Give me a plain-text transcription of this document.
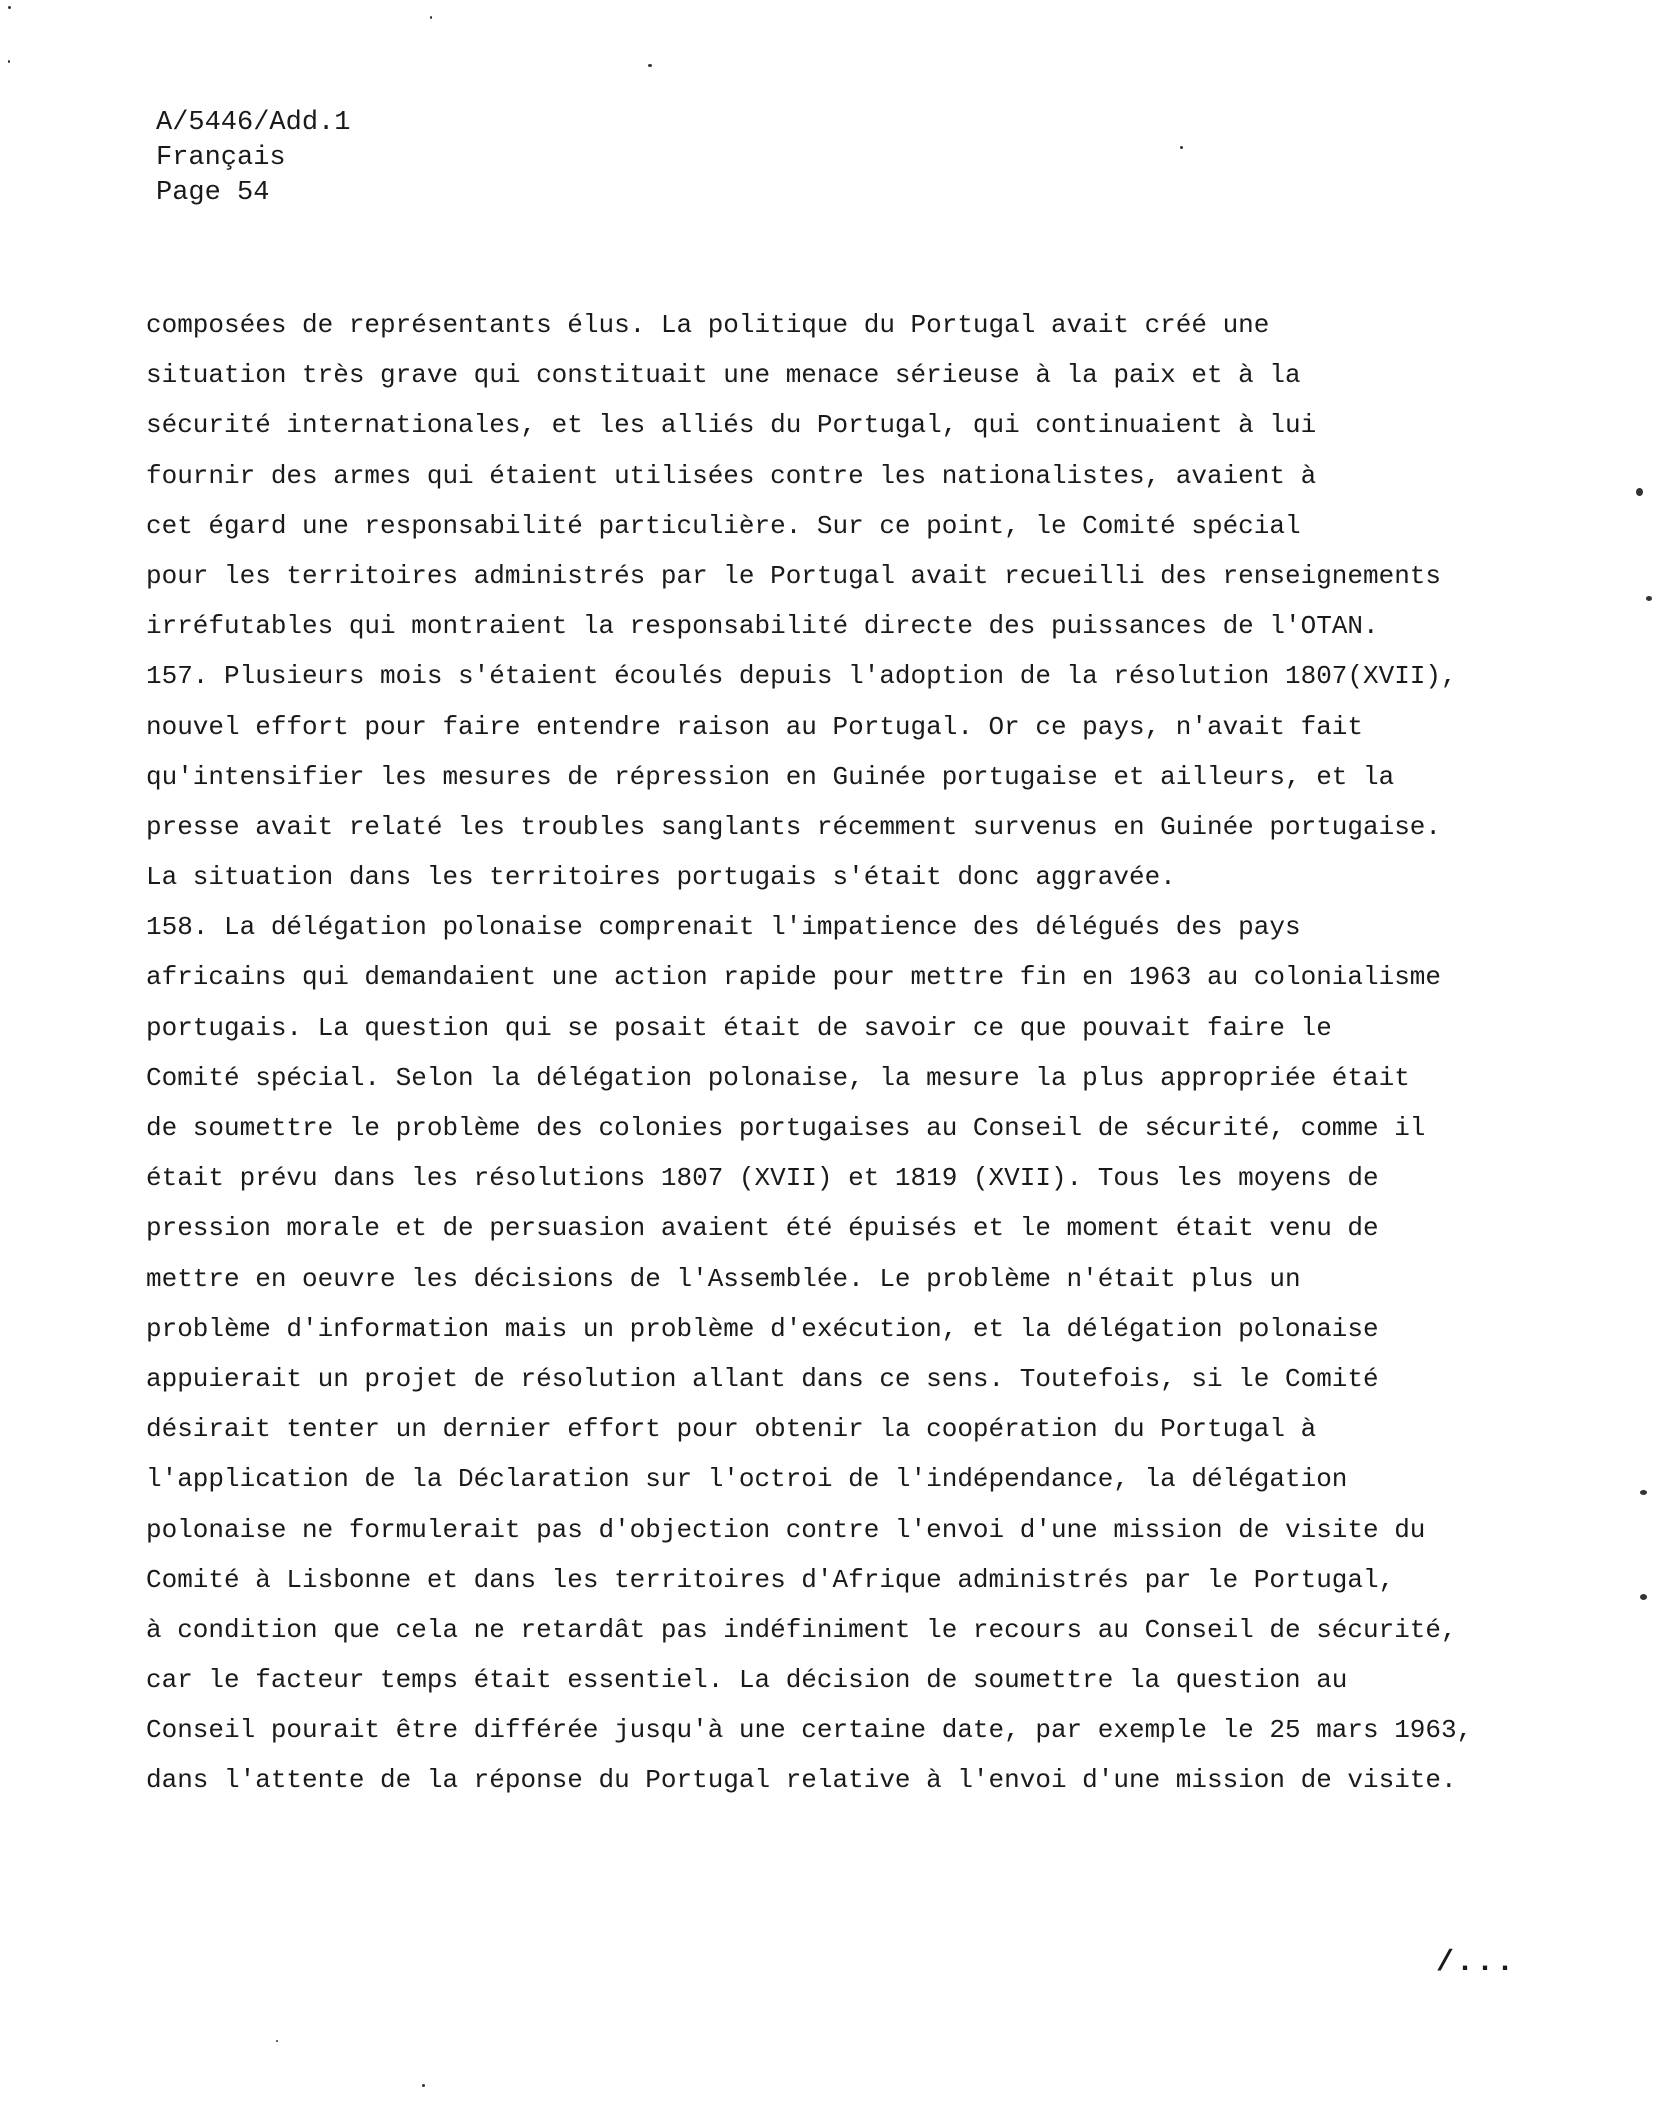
A/5446/Add.1
Français
Page 54
composées de représentants élus. La politique du Portugal avait créé une
situation très grave qui constituait une menace sérieuse à la paix et à la
sécurité internationales, et les alliés du Portugal, qui continuaient à lui
fournir des armes qui étaient utilisées contre les nationalistes, avaient à
cet égard une responsabilité particulière. Sur ce point, le Comité spécial
pour les territoires administrés par le Portugal avait recueilli des renseignements
irréfutables qui montraient la responsabilité directe des puissances de l'OTAN.
157. Plusieurs mois s'étaient écoulés depuis l'adoption de la résolution 1807(XVII),
nouvel effort pour faire entendre raison au Portugal. Or ce pays, n'avait fait
qu'intensifier les mesures de répression en Guinée portugaise et ailleurs, et la
presse avait relaté les troubles sanglants récemment survenus en Guinée portugaise.
La situation dans les territoires portugais s'était donc aggravée.
158. La délégation polonaise comprenait l'impatience des délégués des pays
africains qui demandaient une action rapide pour mettre fin en 1963 au colonialisme
portugais. La question qui se posait était de savoir ce que pouvait faire le
Comité spécial. Selon la délégation polonaise, la mesure la plus appropriée était
de soumettre le problème des colonies portugaises au Conseil de sécurité, comme il
était prévu dans les résolutions 1807 (XVII) et 1819 (XVII). Tous les moyens de
pression morale et de persuasion avaient été épuisés et le moment était venu de
mettre en oeuvre les décisions de l'Assemblée. Le problème n'était plus un
problème d'information mais un problème d'exécution, et la délégation polonaise
appuierait un projet de résolution allant dans ce sens. Toutefois, si le Comité
désirait tenter un dernier effort pour obtenir la coopération du Portugal à
l'application de la Déclaration sur l'octroi de l'indépendance, la délégation
polonaise ne formulerait pas d'objection contre l'envoi d'une mission de visite du
Comité à Lisbonne et dans les territoires d'Afrique administrés par le Portugal,
à condition que cela ne retardât pas indéfiniment le recours au Conseil de sécurité,
car le facteur temps était essentiel. La décision de soumettre la question au
Conseil pourait être différée jusqu'à une certaine date, par exemple le 25 mars 1963,
dans l'attente de la réponse du Portugal relative à l'envoi d'une mission de visite.
/...
